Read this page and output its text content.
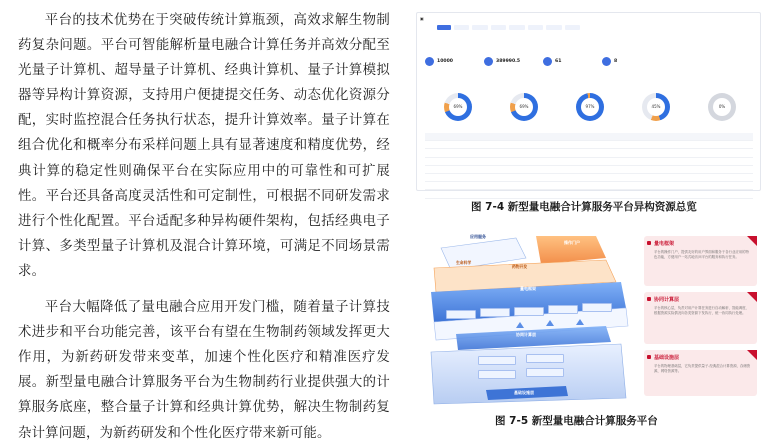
平台的技术优势在于突破传统计算瓶颈，高效求解生物制药复杂问题。平台可智能解析量电融合计算任务并高效分配至光量子计算机、超导量子计算机、经典计算机、量子计算模拟器等异构计算资源，支持用户便捷提交任务、动态优化资源分配，实时监控混合任务执行状态，提升计算效率。量子计算在组合优化和概率分布采样问题上具有显著速度和精度优势，经典计算的稳定性则确保平台在实际应用中的可靠性和可扩展性。平台还具备高度灵活性和可定制性，可根据不同研发需求进行个性化配置。平台适配多种异构硬件架构，包括经典电子计算、多类型量子计算机及混合计算环境，可满足不同场景需求。

平台大幅降低了量电融合应用开发门槛，随着量子计算技术进步和平台功能完善，该平台有望在生物制药领域发挥更大作用，为新药研发带来变革，加速个性化医疗和精准医疗发展。新型量电融合计算服务平台为生物制药行业提供强大的计算服务底座，整合量子计算和经典计算优势，解决生物制药复杂计算问题，为新药研发和个性化医疗带来新可能。

▣

10000	389990.5	61	8
69%	69%	97%	45%	0%
图 7-4 新型量电融合计算服务平台异构资源总览
应用服务
操作门户
生命科学
药物开发
量电框架
协同计算层
基础设施层
量电框架
平台的操作门户，提供友好的用户界面和服务于各行业应用的特色功能，方便用户一站式地访问平台的服务和执行任务。
协同计算层
平台的核心层，负责对用户计算任务进行自动解析、智能调度，根据资源实际情况向各类资源下发执行，统一协同执行处理。
基础设施层
平台的物理基础层，它负责提供量子-经典混合计算资源、存储资源、网络资源等。
图 7-5 新型量电融合计算服务平台
